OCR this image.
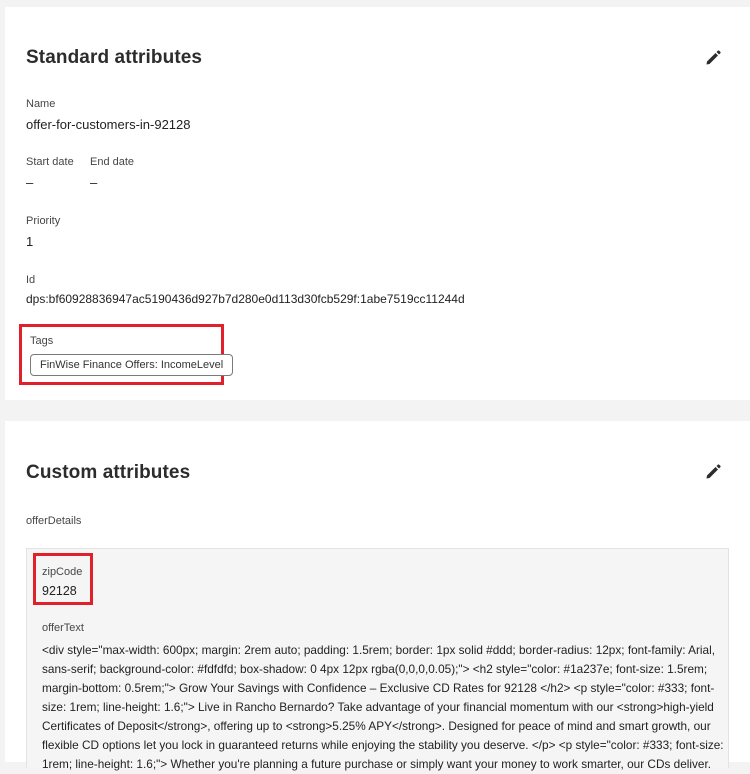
Standard attributes
Name
offer-for-customers-in-92128
Start date
–
End date
–
Priority
1
Id
dps:bf60928836947ac5190436d927b7d280e0d113d30fcb529f:1abe7519cc11244d
Tags
FinWise Finance Offers: IncomeLevel
Custom attributes
offerDetails
zipCode
92128
offerText
<div style="max-width: 600px; margin: 2rem auto; padding: 1.5rem; border: 1px solid #ddd; border-radius: 12px; font-family: Arial, sans-serif; background-color: #fdfdfd; box-shadow: 0 4px 12px rgba(0,0,0,0.05);"> <h2 style="color: #1a237e; font-size: 1.5rem; margin-bottom: 0.5rem;"> Grow Your Savings with Confidence – Exclusive CD Rates for 92128 </h2> <p style="color: #333; font-size: 1rem; line-height: 1.6;"> Live in Rancho Bernardo? Take advantage of your financial momentum with our <strong>high-yield Certificates of Deposit</strong>, offering up to <strong>5.25% APY</strong>. Designed for peace of mind and smart growth, our flexible CD options let you lock in guaranteed returns while enjoying the stability you deserve. </p> <p style="color: #333; font-size: 1rem; line-height: 1.6;"> Whether you're planning a future purchase or simply want your money to work smarter, our CDs deliver.
